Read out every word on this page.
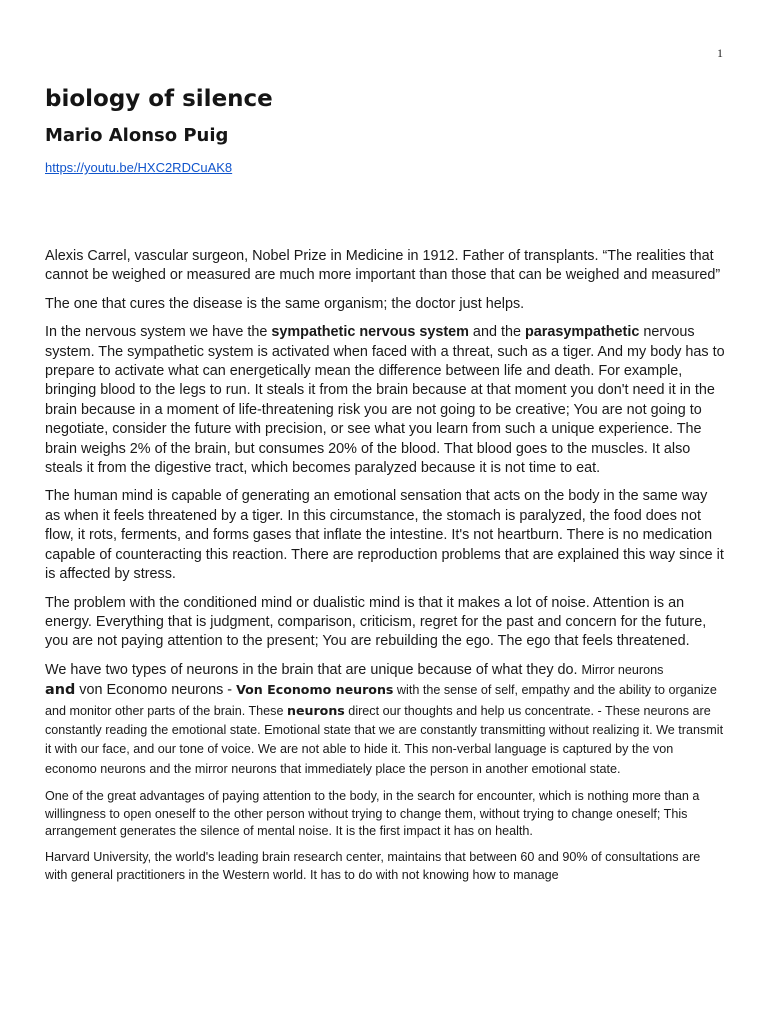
1
biology of silence
Mario Alonso Puig
https://youtu.be/HXC2RDCuAK8

Alexis Carrel, vascular surgeon, Nobel Prize in Medicine in 1912. Father of transplants. “The realities that cannot be weighed or measured are much more important than those that can be weighed and measured”

The one that cures the disease is the same organism; the doctor just helps.

In the nervous system we have the sympathetic nervous system and the parasympathetic nervous system. The sympathetic system is activated when faced with a threat, such as a tiger. And my body has to prepare to activate what can energetically mean the difference between life and death. For example, bringing blood to the legs to run. It steals it from the brain because at that moment you don't need it in the brain because in a moment of life-threatening risk you are not going to be creative; You are not going to negotiate, consider the future with precision, or see what you learn from such a unique experience. The brain weighs 2% of the brain, but consumes 20% of the blood. That blood goes to the muscles. It also steals it from the digestive tract, which becomes paralyzed because it is not time to eat.

The human mind is capable of generating an emotional sensation that acts on the body in the same way as when it feels threatened by a tiger. In this circumstance, the stomach is paralyzed, the food does not flow, it rots, ferments, and forms gases that inflate the intestine. It's not heartburn. There is no medication capable of counteracting this reaction. There are reproduction problems that are explained this way since it is affected by stress.

The problem with the conditioned mind or dualistic mind is that it makes a lot of noise. Attention is an energy. Everything that is judgment, comparison, criticism, regret for the past and concern for the future, you are not paying attention to the present; You are rebuilding the ego. The ego that feels threatened.

We have two types of neurons in the brain that are unique because of what they do. Mirror neurons
and von Economo neurons - Von Economo neurons with the sense of self, empathy and the ability to organize and monitor other parts of the brain. These neurons direct our thoughts and help us concentrate. - These neurons are constantly reading the emotional state. Emotional state that we are constantly transmitting without realizing it. We transmit it with our face, and our tone of voice. We are not able to hide it. This non-verbal language is captured by the von economo neurons and the mirror neurons that immediately place the person in another emotional state.

One of the great advantages of paying attention to the body, in the search for encounter, which is nothing more than a willingness to open oneself to the other person without trying to change them, without trying to change oneself; This arrangement generates the silence of mental noise. It is the first impact it has on health.

Harvard University, the world's leading brain research center, maintains that between 60 and 90% of consultations are with general practitioners in the Western world. It has to do with not knowing how to manage
